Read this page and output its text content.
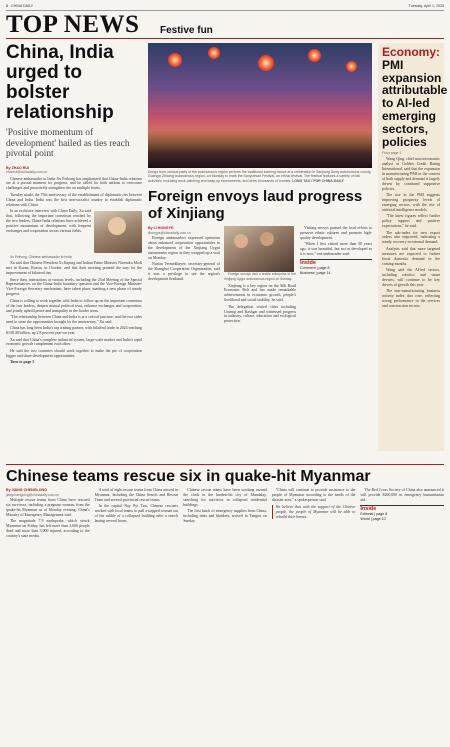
2 CHINA DAILY	Tuesday, April 1, 2025
TOP NEWS	Festive fun
China, India urged to bolster relationship
'Positive momentum of development' hailed as ties reach pivotal point
By ZHAO RUI
zhaorui@chinadaily.com.cn

Chinese ambassador to India Xu Feihong has emphasized that China-India relations are at a pivotal moment for progress, and he called for both nations to overcome challenges and proactively strengthen ties on multiple fronts.

Tuesday marks the 75th anniversary of the establishment of diplomatic ties between China and India. India was the first non-socialist country to establish diplomatic relations with China.

In an exclusive interview with China Daily, Xu said that, following the important consensus reached by the two leaders, China-India relations have achieved a positive momentum of development, with frequent exchanges and cooperation across various fields.

Xu Feihong, Chinese ambassador to India

Xu said that Chinese President Xi Jinping and Indian Prime Minister Narendra Modi met in Kazan, Russia, in October, and that their meeting pointed the way for the improvement of bilateral ties.

Since then, interactions at various levels, including the 23rd Meeting of the Special Representatives on the China-India boundary question and the Vice-Foreign Minister-Vice-Foreign Secretary mechanism, have taken place, marking a new phase of steady progress.

China is willing to work together with India to follow up on the important consensus of the two leaders, deepen mutual political trust, enhance exchanges and cooperation, and jointly uphold peace and tranquility in the border areas.

"The relationship between China and India is at a critical juncture, and the two sides need to seize the opportunities brought by the anniversary," Xu said.

China has long been India's top trading partner, with bilateral trade in 2024 reaching $138.48 billion, up 2.8 percent year-on-year.

Xu said that China's complete industrial system, large-scale market and India's rapid economic growth complement each other.

He said the two countries should work together to make the pie of cooperation bigger and share development opportunities.

Turn to page 3

Dongs from various parts of the autonomous region perform the traditional lusheng dance at a celebration in Sanjiang Dong autonomous county, Guangxi Zhuang autonomous region, on Monday to mark the Sanyuesan Festival, an ethnic festival. The festival features a variety of folk activities, including duck-catching and wrap-up tournaments, and drew thousands of tourists. LONG TAO / FOR CHINA DAILY
Foreign envoys laud progress of Xinjiang
By LI HONGYE
lihongye@chinadaily.com.cn

Foreign ambassadors expressed optimism about enhanced cooperation opportunities in the development of the Xinjiang Uygur autonomous region as they wrapped up a visit on Monday.

Nurlan Yermekbayev, secretary-general of the Shanghai Cooperation Organization, said it was a privilege to see the region's development firsthand.

Foreign envoys visit a textile enterprise in the Xinjiang Uygur autonomous region on Sunday.

Xinjiang is a key region on the Silk Road Economic Belt and has made remarkable achievements in economic growth, people's livelihood and social stability, he said.

The delegation visited cities including Urumqi and Kashgar and witnessed progress in industry, culture, education and ecological protection.

Visiting envoys praised the local efforts to preserve ethnic cultures and promote high-quality development.

"When I first visited more than 30 years ago, it was beautiful, but not as developed as it is now," one ambassador said.

Inside
Comment | page 8
Business | page 14
Economy: PMI expansion attributable to AI-led emerging sectors, policies
From page 1

Wang Qing, chief macroeconomic analyst at Golden Credit Rating International, said that the expansion in manufacturing PMI in the context of both supply and demand is largely driven by continued supportive policies.

The rise in the PMI suggests improving prosperity levels of emerging sectors, with the rise of artificial intelligence models.

"The latest figures reflect further policy support and positive expectations," he said.

The sub-index for new export orders also improved, indicating a steady recovery in external demand.

Analysts said that more targeted measures are expected to further boost domestic demand in the coming months.

Wang said the AI-led sectors, including robotics and smart devices, will continue to be key drivers of growth this year.

The non-manufacturing business activity index also rose, reflecting strong performance in the services and construction sectors.

Chinese teams rescue six in quake-hit Myanmar
By JIANG CHENGLONG
jiangchenglong@chinadaily.com.cn

Multiple rescue teams from China have rescued six survivors, including a pregnant woman, from the quake-hit Myanmar as of Monday evening, China's Ministry of Emergency Management said.

The magnitude 7.9 earthquake, which struck Myanmar on Friday, has left more than 2,000 people dead and more than 3,900 injured, according to the country's state media.

A total of eight rescue teams from China arrived in Myanmar, including the China Search and Rescue Team and several provincial rescue teams.

In the capital Nay Pyi Taw, Chinese rescuers worked with local teams to pull a trapped woman out of the rubble of a collapsed building after a search lasting several hours.

Chinese rescue teams have been working around the clock in the hardest-hit city of Mandalay, searching for survivors in collapsed residential buildings.

The first batch of emergency supplies from China, including tents and blankets, arrived in Yangon on Sunday.

"China will continue to provide assistance to the people of Myanmar according to the needs of the disaster area," a spokesperson said.

We believe that with the support of the Chinese people, the people of Myanmar will be able to rebuild their homes.

The Red Cross Society of China also announced it will provide $200,000 in emergency humanitarian aid.

Inside
Editorial | page 8
World | page 10
